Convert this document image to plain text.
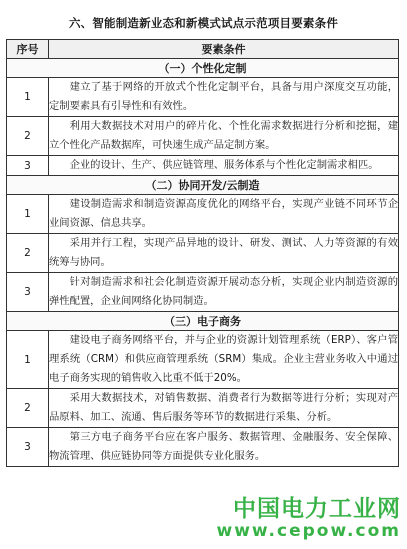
六、智能制造新业态和新模式试点示范项目要素条件
序号	要素条件
（一）个性化定制	
1	建立了基于网络的开放式个性化定制平台，具备与用户深度交互功能，定制要素具有引导性和有效性。
2	利用大数据技术对用户的碎片化、个性化需求数据进行分析和挖掘，建立个性化产品数据库，可快速生成产品定制方案。
3	企业的设计、生产、供应链管理、服务体系与个性化定制需求相匹。
（二）协同开发/云制造	
1	建设制造需求和制造资源高度优化的网络平台，实现产业链不同环节企业间资源、信息共享。
2	采用并行工程，实现产品异地的设计、研发、测试、人力等资源的有效统筹与协同。
3	针对制造需求和社会化制造资源开展动态分析，实现企业内制造资源的弹性配置，企业间网络化协同制造。
（三）电子商务	
1	建设电子商务网络平台，并与企业的资源计划管理系统（ERP）、客户管理系统（CRM）和供应商管理系统（SRM）集成。企业主营业务收入中通过电子商务实现的销售收入比重不低于20%。
2	采用大数据技术，对销售数据、消费者行为数据等进行分析；实现对产品原料、加工、流通、售后服务等环节的数据进行采集、分析。
3	第三方电子商务平台应在客户服务、数据管理、金融服务、安全保障、物流管理、供应链协同等方面提供专业化服务。
中国电力工业网
www.cepow.com
